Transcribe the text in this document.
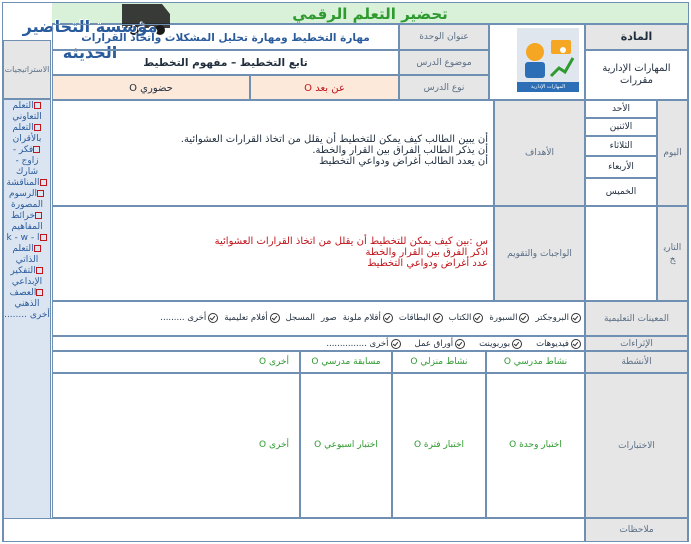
تحضير التعلم الرقمي
مؤسسة التحاضير الحديثة
الاستراتيجيات
التعلم التعاوني
التعلم بالأقران
فكر - زاوج - شارك
المناقشة
الرسوم المصورة
خرائط المفاهيم
k - w - l
التعلم الذاتي
التفكير الإبداعي
العصف الذهني
أخرى ........
المادة
المهارات الإدارية مقررات
المهارات الإدارية
عنوان الوحدة
مهارة التخطيط ومهارة تحليل المشكلات واتخاذ القرارات
موضوع الدرس
تابع التخطيط – مفهوم التخطيط
نوع الدرس
عن بعد O
حضوري O
اليوم
الأحد
الاثنين
الثلاثاء
الأربعاء
الخميس
التاريخ
الأهداف
أن يبين الطالب كيف يمكن للتخطيط أن يقلل من اتخاذ القرارات العشوائية.
أن يذكر الطالب الفراق بين القرار والخطة.
أن يعدد الطالب أغراض ودواعي التخطيط
الواجبات والتقويم
س :بين كيف يمكن للتخطيط أن يقلل من اتخاذ القرارات العشوائية
اذكر الفرق بين القرار والخطة
عدد أغراض ودواعي التخطيط
المعينات التعليمية
البروجكتر
السبورة
الكتاب
البطاقات
أقلام ملونة
صور
المسجل
أفلام تعليمية
أخرى .........
الإثراءات
فيديوهات
بوربوينت
أوراق عمل
أخرى ...............
الأنشطة
نشاط مدرسي O
نشاط منزلي O
مسابقة مدرسي O
أخرى O
الاختبارات
اختبار وحدة O
اختبار فترة O
اختبار اسبوعي O
أخرى O
ملاحظات
